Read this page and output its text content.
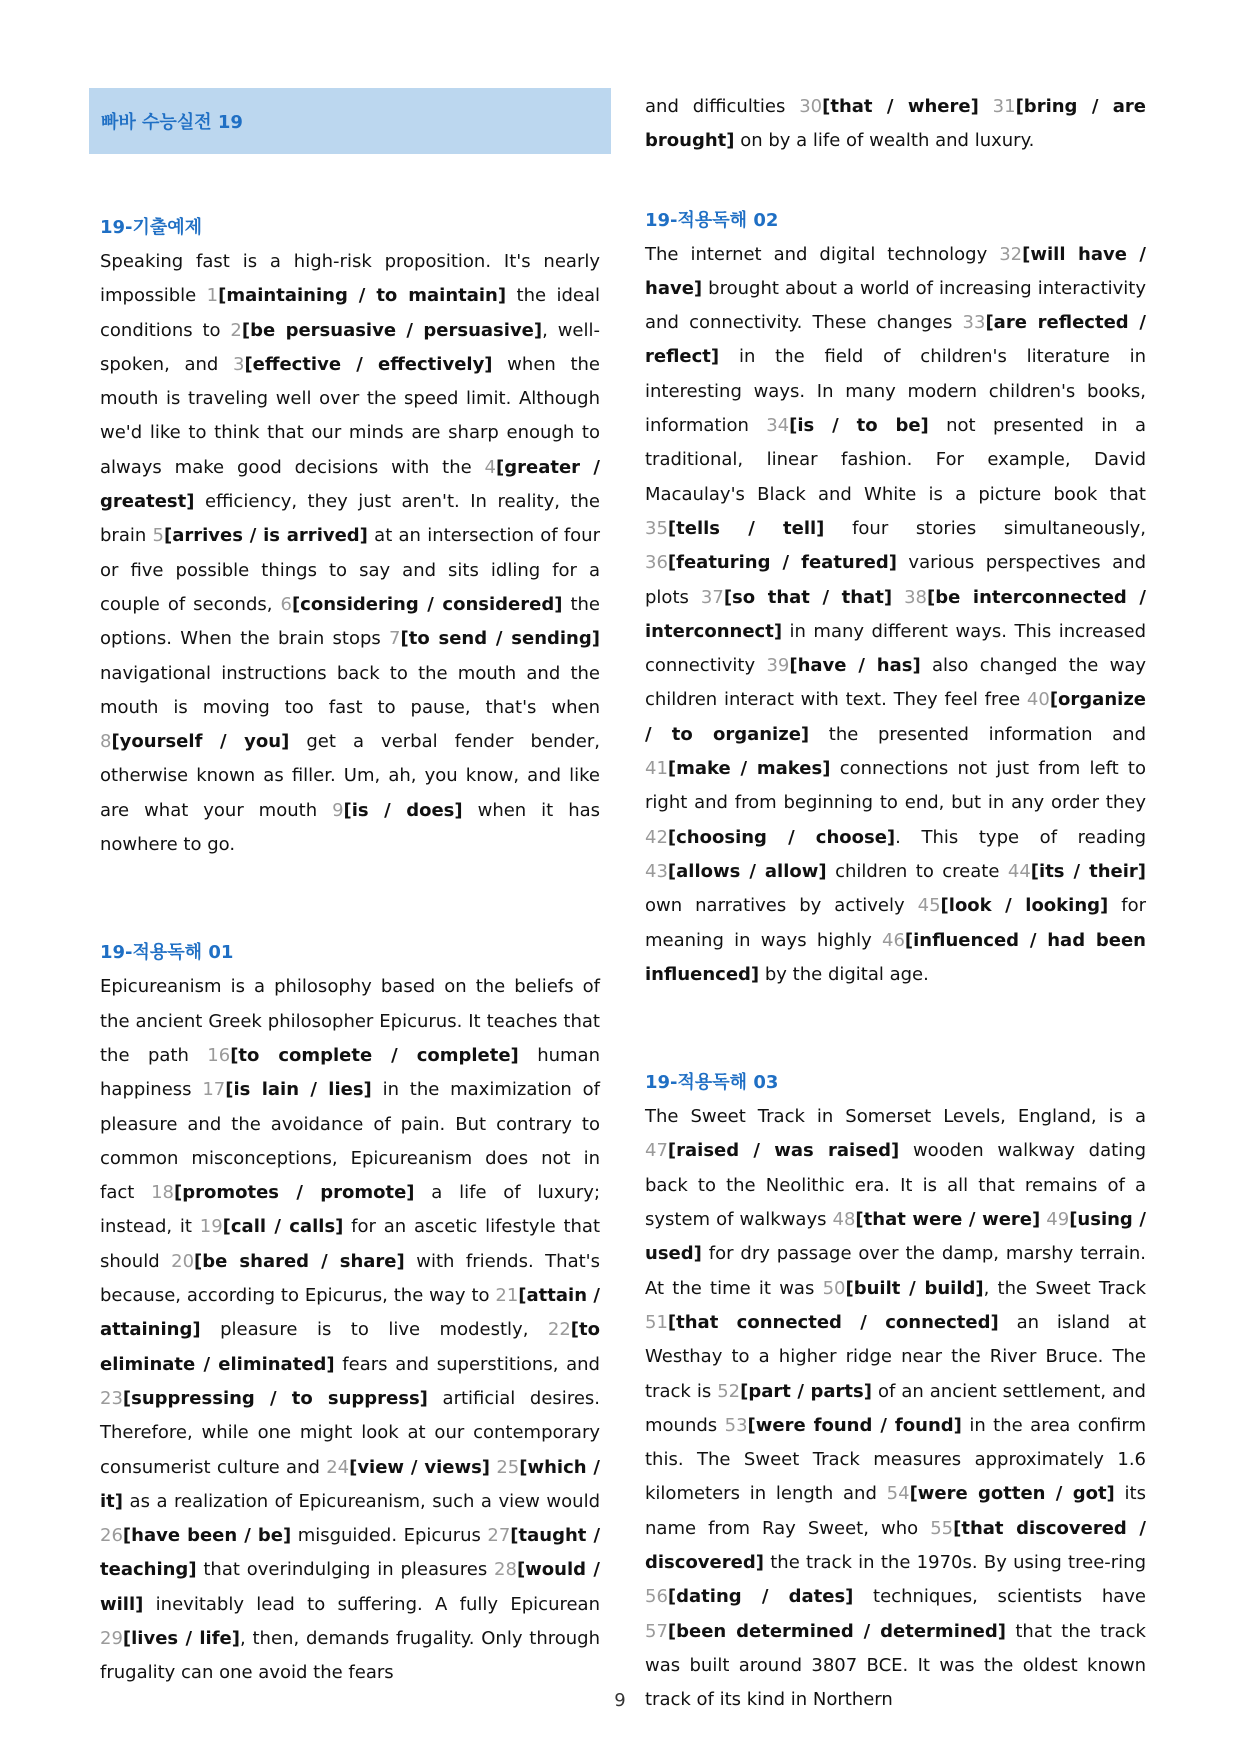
빠바 수능실전 19
19-기출예제

Speaking fast is a high-risk proposition. It's nearly impossible 1[maintaining / to maintain] the ideal conditions to 2[be persuasive / persuasive], well-spoken, and 3[effective / effectively] when the mouth is traveling well over the speed limit. Although we'd like to think that our minds are sharp enough to always make good decisions with the 4[greater / greatest] efficiency, they just aren't. In reality, the brain 5[arrives / is arrived] at an intersection of four or five possible things to say and sits idling for a couple of seconds, 6[considering / considered] the options. When the brain stops 7[to send / sending] navigational instructions back to the mouth and the mouth is moving too fast to pause, that's when 8[yourself / you] get a verbal fender bender, otherwise known as filler. Um, ah, you know, and like are what your mouth 9[is / does] when it has nowhere to go.

19-적용독해 01

Epicureanism is a philosophy based on the beliefs of the ancient Greek philosopher Epicurus. It teaches that the path 16[to complete / complete] human happiness 17[is lain / lies] in the maximization of pleasure and the avoidance of pain. But contrary to common misconceptions, Epicureanism does not in fact 18[promotes / promote] a life of luxury; instead, it 19[call / calls] for an ascetic lifestyle that should 20[be shared / share] with friends. That's because, according to Epicurus, the way to 21[attain / attaining] pleasure is to live modestly, 22[to eliminate / eliminated] fears and superstitions, and 23[suppressing / to suppress] artificial desires. Therefore, while one might look at our contemporary consumerist culture and 24[view / views] 25[which / it] as a realization of Epicureanism, such a view would 26[have been / be] misguided. Epicurus 27[taught / teaching] that overindulging in pleasures 28[would / will] inevitably lead to suffering. A fully Epicurean 29[lives / life], then, demands frugality. Only through frugality can one avoid the fears

and difficulties 30[that / where] 31[bring / are brought] on by a life of wealth and luxury.

19-적용독해 02

The internet and digital technology 32[will have / have] brought about a world of increasing interactivity and connectivity. These changes 33[are reflected / reflect] in the field of children's literature in interesting ways. In many modern children's books, information 34[is / to be] not presented in a traditional, linear fashion. For example, David Macaulay's Black and White is a picture book that 35[tells / tell] four stories simultaneously, 36[featuring / featured] various perspectives and plots 37[so that / that] 38[be interconnected / interconnect] in many different ways. This increased connectivity 39[have / has] also changed the way children interact with text. They feel free 40[organize / to organize] the presented information and 41[make / makes] connections not just from left to right and from beginning to end, but in any order they 42[choosing / choose]. This type of reading 43[allows / allow] children to create 44[its / their] own narratives by actively 45[look / looking] for meaning in ways highly 46[influenced / had been influenced] by the digital age.

19-적용독해 03

The Sweet Track in Somerset Levels, England, is a 47[raised / was raised] wooden walkway dating back to the Neolithic era. It is all that remains of a system of walkways 48[that were / were] 49[using / used] for dry passage over the damp, marshy terrain. At the time it was 50[built / build], the Sweet Track 51[that connected / connected] an island at Westhay to a higher ridge near the River Bruce. The track is 52[part / parts] of an ancient settlement, and mounds 53[were found / found] in the area confirm this. The Sweet Track measures approximately 1.6 kilometers in length and 54[were gotten / got] its name from Ray Sweet, who 55[that discovered / discovered] the track in the 1970s. By using tree-ring 56[dating / dates] techniques, scientists have 57[been determined / determined] that the track was built around 3807 BCE. It was the oldest known track of its kind in Northern

9
